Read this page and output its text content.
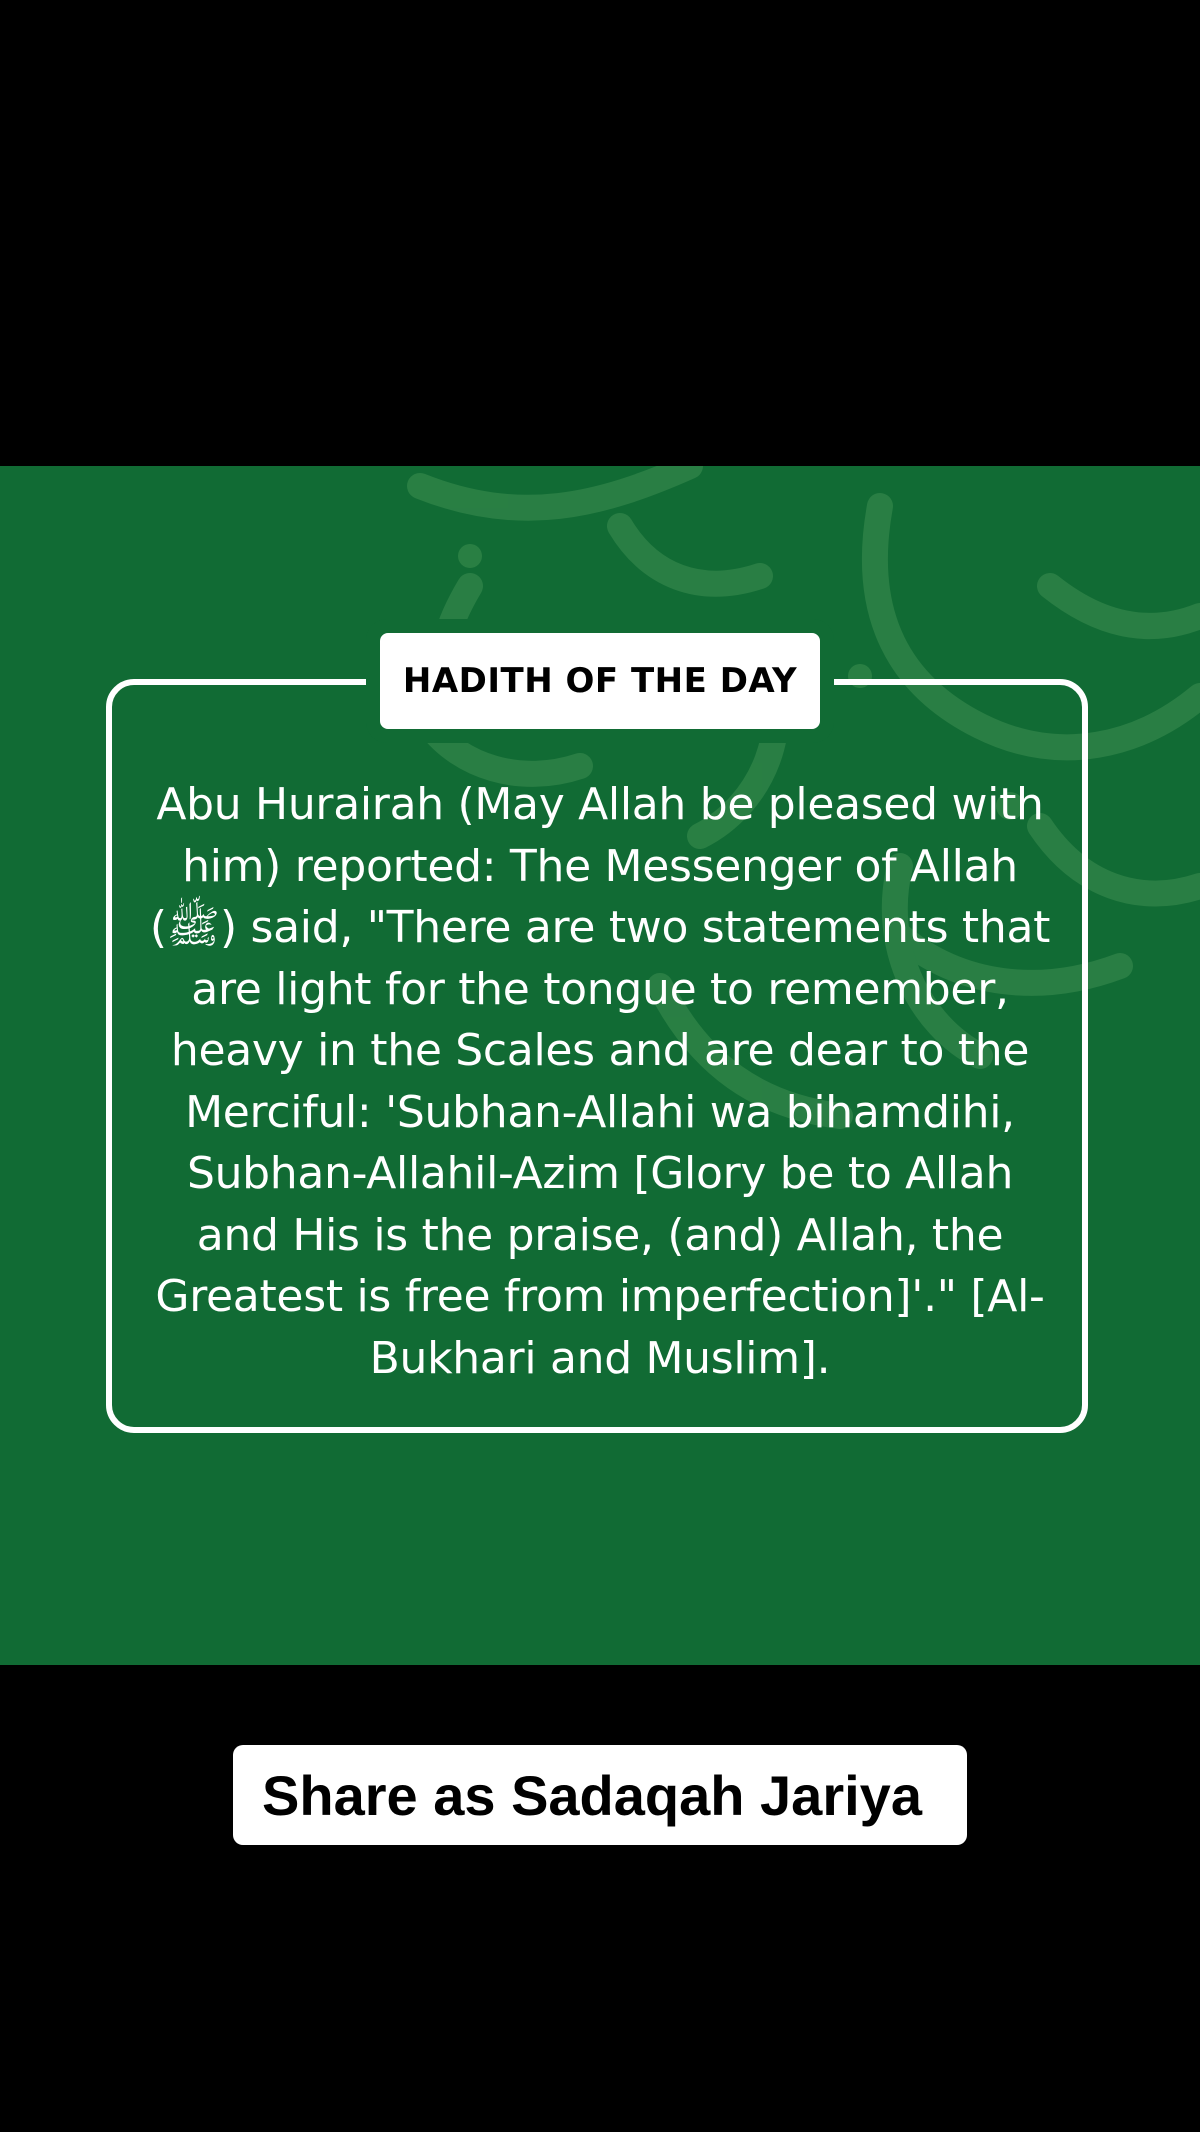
HADITH OF THE DAY
Abu Hurairah (May Allah be pleased with him) reported: The Messenger of Allah (ﷺ) said, "There are two statements that are light for the tongue to remember, heavy in the Scales and are dear to the Merciful: 'Subhan-Allahi wa bihamdihi, Subhan-Allahil-Azim [Glory be to Allah and His is the praise, (and) Allah, the Greatest is free from imperfection]'." [Al-Bukhari and Muslim].
Share as Sadaqah Jariya
